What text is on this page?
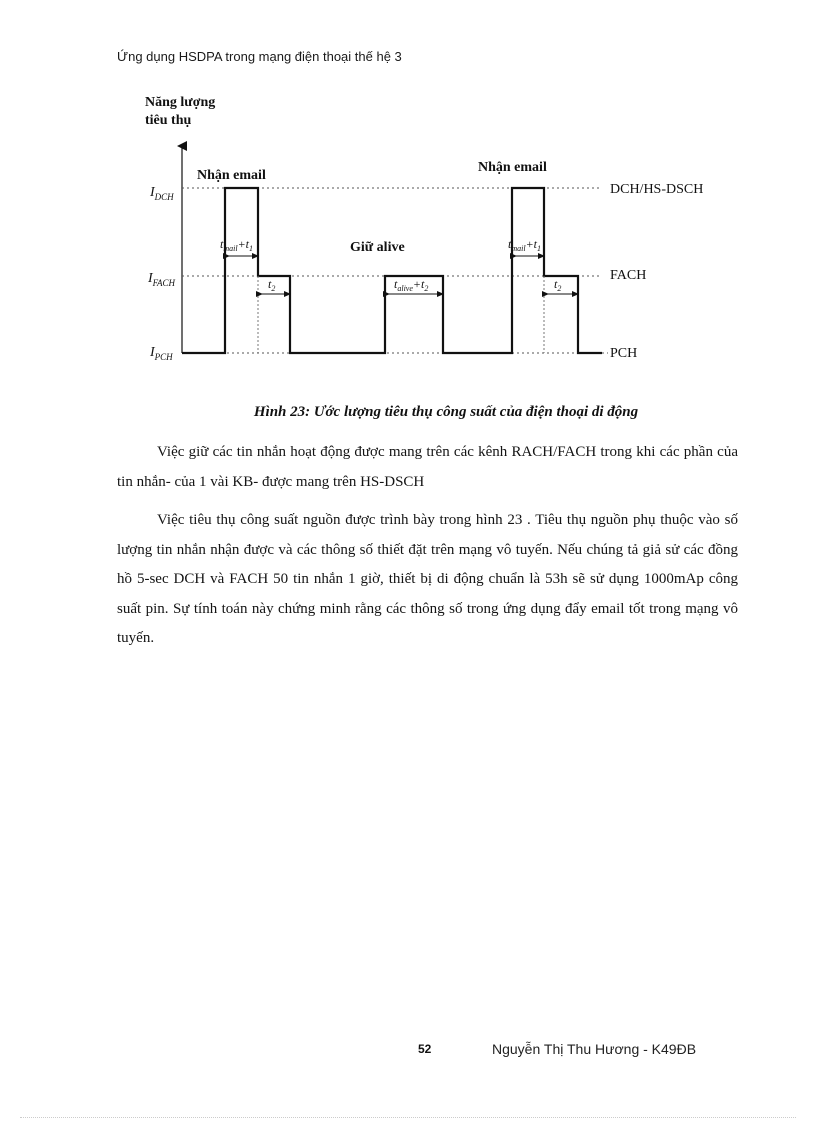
Ứng dụng HSDPA trong mạng điện thoại thế hệ 3
Năng lượng
tiêu thụ
$I_{DCH}$
$I_{FACH}$
$I_{PCH}$
DCH/HS-DSCH
FACH
PCH
Nhận email
Giữ alive
Nhận email
$t_{mail}+t_1$
$t_2$	$t_{alive}+t_2$
$t_{mail}+t_1$
$t_2$
Hình 23: Ước lượng tiêu thụ công suất của điện thoại di động

Việc giữ các tin nhắn hoạt động được mang trên các kênh RACH/FACH trong khi các phần của tin nhắn- của 1 vài KB- được mang trên HS-DSCH

Việc tiêu thụ công suất nguồn được trình bày trong hình 23 . Tiêu thụ nguồn phụ thuộc vào số lượng tin nhắn nhận được và các thông số thiết đặt trên mạng vô tuyến. Nếu chúng tả giả sử các đồng hồ 5-sec DCH và FACH 50 tin nhắn 1 giờ, thiết bị di động chuẩn là 53h sẽ sử dụng 1000mAp công suất pin. Sự tính toán này chứng minh rằng các thông số trong ứng dụng đẩy email tốt trong mạng vô tuyến.

52	Nguyễn Thị Thu Hương - K49ĐB
